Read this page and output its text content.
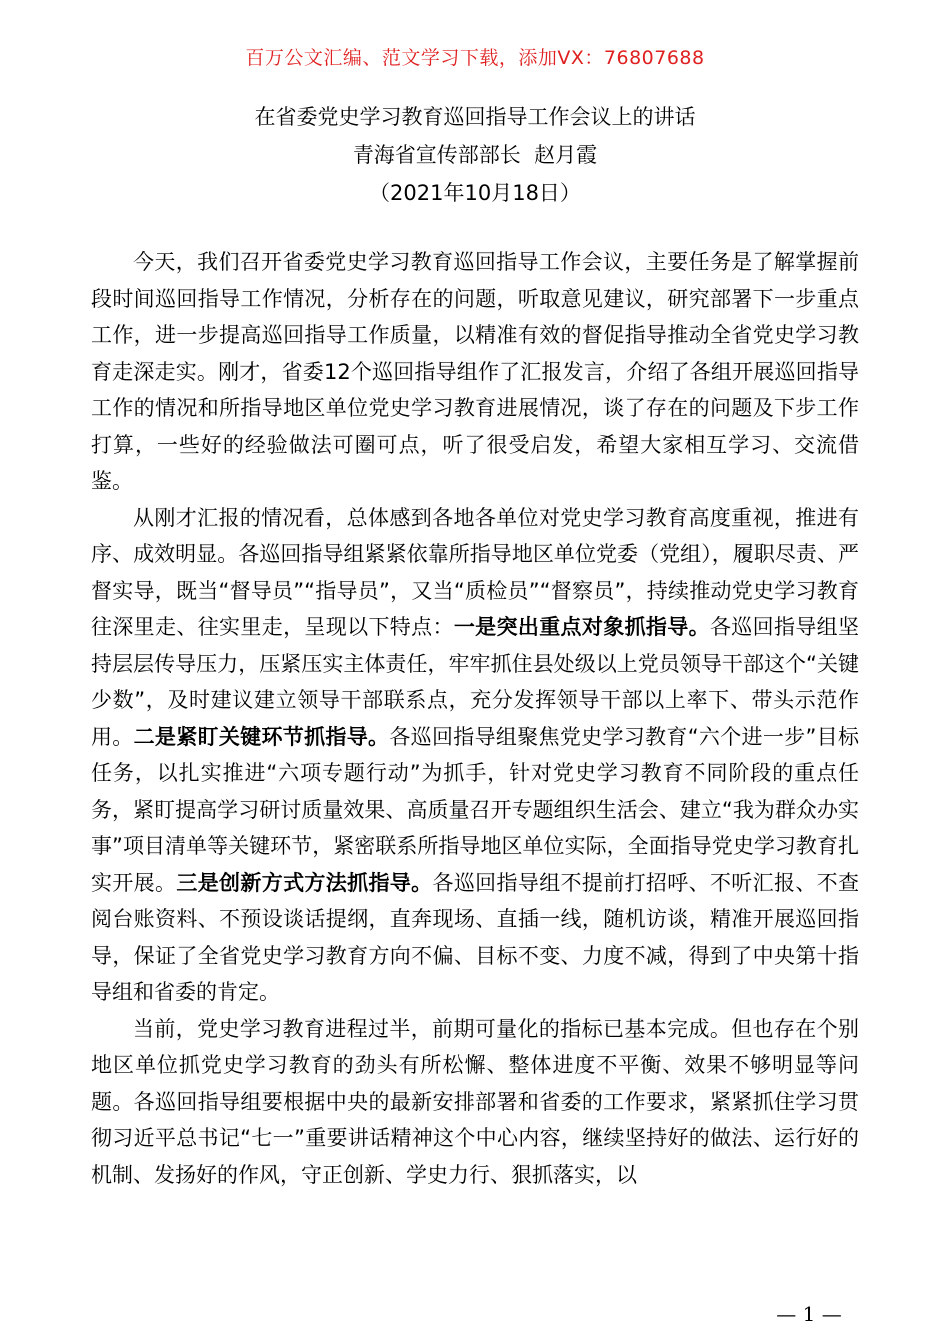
百万公文汇编、范文学习下载，添加VX：76807688
在省委党史学习教育巡回指导工作会议上的讲话
青海省宣传部部长  赵月霞
（2021年10月18日）

今天，我们召开省委党史学习教育巡回指导工作会议，主要任务是了解掌握前段时间巡回指导工作情况，分析存在的问题，听取意见建议，研究部署下一步重点工作，进一步提高巡回指导工作质量，以精准有效的督促指导推动全省党史学习教育走深走实。刚才，省委12个巡回指导组作了汇报发言，介绍了各组开展巡回指导工作的情况和所指导地区单位党史学习教育进展情况，谈了存在的问题及下步工作打算，一些好的经验做法可圈可点，听了很受启发，希望大家相互学习、交流借鉴。

从刚才汇报的情况看，总体感到各地各单位对党史学习教育高度重视，推进有序、成效明显。各巡回指导组紧紧依靠所指导地区单位党委（党组），履职尽责、严督实导，既当“督导员”“指导员”，又当“质检员”“督察员”，持续推动党史学习教育往深里走、往实里走，呈现以下特点：一是突出重点对象抓指导。各巡回指导组坚持层层传导压力，压紧压实主体责任，牢牢抓住县处级以上党员领导干部这个“关键少数”，及时建议建立领导干部联系点，充分发挥领导干部以上率下、带头示范作用。二是紧盯关键环节抓指导。各巡回指导组聚焦党史学习教育“六个进一步”目标任务，以扎实推进“六项专题行动”为抓手，针对党史学习教育不同阶段的重点任务，紧盯提高学习研讨质量效果、高质量召开专题组织生活会、建立“我为群众办实事”项目清单等关键环节，紧密联系所指导地区单位实际，全面指导党史学习教育扎实开展。三是创新方式方法抓指导。各巡回指导组不提前打招呼、不听汇报、不查阅台账资料、不预设谈话提纲，直奔现场、直插一线，随机访谈，精准开展巡回指导，保证了全省党史学习教育方向不偏、目标不变、力度不减，得到了中央第十指导组和省委的肯定。

当前，党史学习教育进程过半，前期可量化的指标已基本完成。但也存在个别地区单位抓党史学习教育的劲头有所松懈、整体进度不平衡、效果不够明显等问题。各巡回指导组要根据中央的最新安排部署和省委的工作要求，紧紧抓住学习贯彻习近平总书记“七一”重要讲话精神这个中心内容，继续坚持好的做法、运行好的机制、发扬好的作风，守正创新、学史力行、狠抓落实，以

— 1 —
